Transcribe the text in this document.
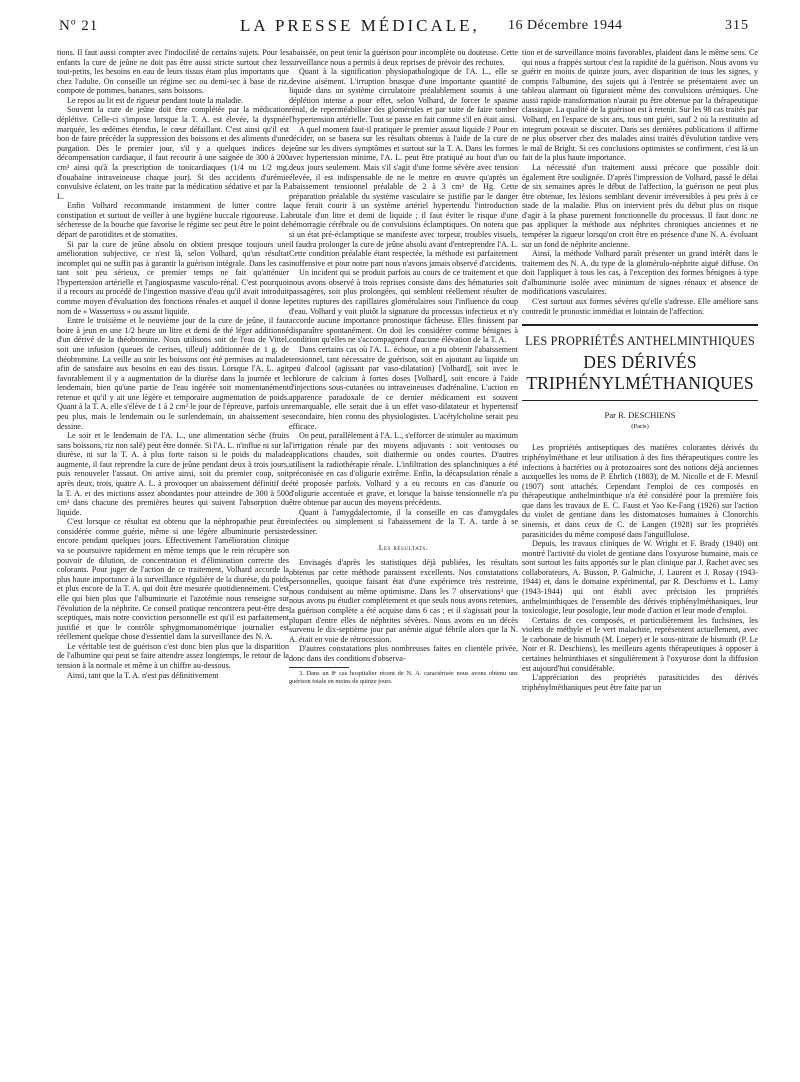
Nº 21	LA PRESSE MÉDICALE, 16 Décembre 1944	315

tions. Il faut aussi compter avec l'indocilité de certains sujets. Pour les enfants la cure de jeûne ne doit pas être aussi stricte surtout chez les tout-petits, les besoins en eau de leurs tissus étant plus importants que chez l'adulte. On conseille un régime sec ou demi-sec à base de riz, compote de pommes, bananes, sans boissons.

Le repos au lit est de rigueur pendant toute la maladie.

Souvent la cure de jeûne doit être complétée par la médication déplétive. Celle-ci s'impose lorsque la T. A. est élevée, la dyspnée marquée, les œdèmes étendus, le cœur défaillant. C'est ainsi qu'il est bon de faire précéder la suppression des boissons et des aliments d'une purgation. Dès le premier jour, s'il y a quelques indices de décompensation cardiaque, il faut recourir à une saignée de 300 à 200 cm³ ainsi qu'à la prescription de tonicardiaques (1/4 ou 1/2 mg. d'ouabaïne intraveineuse chaque jour). Si des accidents d'urémie convulsive éclatent, on les traite par la médication sédative et par la P. L.

Enfin Volhard recommande instamment de lutter contre la constipation et surtout de veiller à une hygiène buccale rigoureuse. La sécheresse de la bouche que favorise le régime sec peut être le point de départ de parotidites et de stomatites.

Si par la cure de jeûne absolu on obtient presque toujours une amélioration subjective, ce n'est là, selon Volhard, qu'un résultat incomplet qui ne suffit pas à garantir la guérison intégrale. Dans les cas tant soit peu sérieux, ce premier temps ne fait qu'atténuer l'hypertension artérielle et l'angiospasme vasculo-rénal. C'est pourquoi il a recours au procédé de l'ingestion massive d'eau qu'il avait introduit comme moyen d'évaluation des fonctions rénales et auquel il donne le nom de « Wassertoss » ou assaut liquide.

Entre le troisième et le neuvième jour de la cure de jeûne, il faut boire à jeun en une 1/2 heure un litre et demi de thé léger additionné d'un dérivé de la théobromine. Nous utilisons soit de l'eau de Vittel, soit une infusion (queues de cerises, tilleul) additionnée de 1 g. de théobromine. La veille au soir les boissons ont été permises au malade afin de satisfaire aux besoins en eau des tissus. Lorsque l'A. L. agit favorablement il y a augmentation de la diurèse dans la journée et le lendemain, bien qu'une partie de l'eau ingérée soit momentanément retenue et qu'il y ait une légère et temporaire augmentation de poids. Quant à la T. A. elle s'élève de 1 à 2 cm² le jour de l'épreuve, parfois un peu plus, mais le lendemain ou le surlendemain, un abaissement se dessine.

Le soir et le lendemain de l'A. L., une alimentation sèche (fruits sans boissons, riz non salé) peut être donnée. Si l'A. L. n'influe ni sur la diurèse, ni sur la T. A. à plus forte raison si le poids du malade augmente, il faut reprendre la cure de jeûne pendant deux à trois jours, puis renouveler l'assaut. On arrive ainsi, soit du premier coup, soit après deux, trois, quatre A. L. à provoquer un abaissement définitif de la T. A. et des mictions assez abondantes pour atteindre de 300 à 500 cm³ dans chacune des premières heures qui suivent l'absorption du liquide.

C'est lorsque ce résultat est obtenu que la néphropathie peut être considérée comme guérie, même si une légère albuminurie persiste encore pendant quelques jours. Effectivement l'amélioration clinique va se poursuivre rapidement en même temps que le rein récupère son pouvoir de dilution, de concentration et d'élimination correcte des colorants. Pour juger de l'action de ce traitement, Volhard accorde la plus haute importance à la surveillance régulière de la diurèse, du poids et plus encore de la T. A. qui doit être mesurée quotidiennement. C'est elle qui bien plus que l'albuminurie et l'azotémie nous renseigne sur l'évolution de la néphrite. Ce conseil pratique rencontrera peut-être des sceptiques, mais notre conviction personnelle est qu'il est parfaitement justifié et que le contrôle sphygmomanométrique journalier est réellement quelque chose d'essentiel dans la surveillance des N. A.

Le véritable test de guérison c'est donc bien plus que la disparition de l'albumine qui peut se faire attendre assez longtemps, le retour de la tension à la normale et même à un chiffre au-dessous.

Ainsi, tant que la T. A. n'est pas définitivement

abaissée, on peut tenir la guérison pour incomplète ou douteuse. Cette surveillance nous a permis à deux reprises de prévoir des rechutes.

Quant à la signification physiopathologique de l'A. L., elle se devine aisément. L'irruption brusque d'une importante quantité de liquide dans un système circulatoire préalablement soumis à une déplétion intense a pour effet, selon Volhard, de forcer le spasme rénal, de reperméabiliser des glomérules et par suite de faire tomber l'hypertension artérielle. Tout se passe en fait comme s'il en était ainsi.

A quel moment faut-il pratiquer le premier assaut liquide ? Pour en décider, on se basera sur les résultats obtenus à l'aide de la cure de jeûne sur les divers symptômes et surtout sur la T. A. Dans les formes avec hypertension minime, l'A. L. peut être pratiqué au bout d'un ou deux jours seulement. Mais s'il s'agit d'une forme sévère avec tension élevée, il est indispensable de ne le mettre en œuvre qu'après un abaissement tensionnel préalable de 2 à 3 cm³ de Hg. Cette préparation préalable du système vasculaire se justifie par le danger que ferait courir à un système artériel hypertendu l'introduction brutale d'un litre et demi de liquide ; il faut éviter le risque d'une hémorragie cérébrale ou de convulsions éclamptiques. On notera que si un état pré-éclamptique se manifeste avec torpeur, troubles visuels, il faudra prolonger la cure de jeûne absolu avant d'entreprendre l'A. L. Cette condition préalable étant respectée, la méthode est parfaitement inoffensive et pour notre part nous n'avons jamais observé d'accidents.

Un incident qui se produit parfois au cours de ce traitement et que nous avons observé à trois reprises consiste dans des hématuries soit passagères, soit plus prolongées, qui semblent réellement résulter de petites ruptures des capillaires glomérulaires sous l'influence du coup d'eau. Volhard y voit plutôt la signature du processus infectieux et n'y accorde aucune importance pronostique fâcheuse. Elles finissent par disparaître spontanément. On doit les considérer comme bénignes à condition qu'elles ne s'accompagnent d'aucune élévation de la T. A.

Dans certains cas où l'A. L. échoue, on a pu obtenir l'abaissement tensionnel, tant nécessaire de guérison, soit en ajoutant au liquide un peu d'alcool (agissant par vaso-dilatation) [Volhard], soit avec le chlorure de calcium à fortes doses [Volhard], soit encore à l'aide d'injections sous-cutanées ou intraveineuses d'adrénaline. L'action en apparence paradoxale de ce dernier médicament est souvent remarquable, elle serait due à un effet vaso-dilatateur et hypertensif secondaire, bien connu des physiologistes. L'acétylcholine serait peu efficace.

On peut, parallèlement à l'A. L., s'efforcer de stimuler au maximum l'irrigation rénale par des moyens adjuvants : soit ventouses ou applications chaudes, soit diathermie ou ondes courtes. D'autres utilisent la radiothérapie rénale. L'infiltration des splanchniques a été préconisée en cas d'oligurie extrême. Enfin, la décapsulation rénale a été proposée parfois. Volhard y a eu recours en cas d'anurie ou d'oligurie accentuée et grave, et lorsque la baisse tensionnelle n'a pu être obtenue par aucun des moyens précédents.

Quant à l'amygdalectomie, il la conseille en cas d'amygdales infectées ou simplement si l'abaissement de la T. A. tarde à se dessiner.

Les résultats.

Envisagés d'après les statistiques déjà publiées, les résultats obtenus par cette méthode paraissent excellents. Nos constatations personnelles, quoique faisant état d'une expérience très restreinte, nous conduisent au même optimisme. Dans les 7 observations³ que nous avons pu étudier complètement et que seuls nous avons retenues, la guérison complète a été acquise dans 6 cas ; et il s'agissait pour la plupart d'entre elles de néphrites sévères. Nous avons eu un décès survenu le dix-septième jour par anémie aiguë fébrile alors que la N. A. était en voie de rétrocession.

D'autres constatations plus nombreuses faites en clientèle privée, donc dans des conditions d'observa-

3. Dans un 8ᵉ cas hospitalier récent de N. A. caractérisée nous avons obtenu une guérison totale en moins de quinze jours.

tion et de surveillance moins favorables, plaident dans le même sens. Ce qui nous a frappés surtout c'est la rapidité de la guérison. Nous avons vu guérir en moins de quinze jours, avec disparition de tous les signes, y compris l'albumine, des sujets qui à l'entrée se présentaient avec un tableau alarmant où figuraient même des convulsions urémiques. Une aussi rapide transformation n'aurait pu être obtenue par la thérapeutique classique. La qualité de la guérison est à retenir. Sur les 98 cas traités par Volhard, en l'espace de six ans, tous ont guéri, sauf 2 où la restitutio ad integrum pouvait se discuter. Dans ses dernières publications il affirme ne plus observer chez des malades ainsi traités d'évolution tardive vers le mal de Bright. Si ces conclusions optimistes se confirment, c'est là un fait de la plus haute importance.

La nécessité d'un traitement aussi précoce que possible doit également être soulignée. D'après l'impression de Volhard, passé le délai de six semaines après le début de l'affection, la guérison ne peut plus être obtenue, les lésions semblant devenir irréversibles à peu près à ce stade de la maladie. Plus on intervient près du début plus on risque d'agir à la phase purement fonctionnelle du processus. Il faut donc ne pas appliquer la méthode aux néphrites chroniques anciennes et ne tempérer la rigueur lorsqu'on croit être en présence d'une N. A. évoluant sur un fond de néphrite ancienne.

Ainsi, la méthode Volhard paraît présenter un grand intérêt dans le traitement des N. A. du type de la glomérulo-néphrite aiguë diffuse. On doit l'appliquer à tous les cas, à l'exception des formes bénignes à type d'albuminurie isolée avec minimum de signes rénaux et absence de modifications vasculaires.

C'est surtout aux formes sévères qu'elle s'adresse. Elle améliore sans contredit le pronostic immédiat et lointain de l'affection.

LES PROPRIÉTÉS ANTHELMINTHIQUES
DES DÉRIVÉS
TRIPHÉNYLMÉTHANIQUES
Par R. DESCHIENS
(Paris)

Les propriétés antiseptiques des matières colorantes dérivés du triphénylméthane et leur utilisation à des fins thérapeutiques contre les infections à bactéries ou à protozoaires sont des notions déjà anciennes auxquelles les noms de P. Ehrlich (1883), de M. Nicolle et de F. Mesnil (1907) sont attachés. Cependant l'emploi de ces composés en thérapeutique anthelminthique n'a été considéré pour la première fois que dans les travaux de E. C. Faust et Yao Ke-Fang (1926) sur l'action du violet de gentiane dans les distomatoses humaines à Clonorchis sinensis, et dans ceux de C. de Langen (1928) sur les propriétés parasiticides du même composé dans l'anguillulose.

Depuis, les travaux cliniques de W. Wright et F. Brady (1940) ont montré l'activité du violet de gentiane dans l'oxyurose humaine, mais ce sont surtout les faits apportés sur le plan clinique par J. Rachet avec ses collaborateurs, A. Busson, P. Galmiche, J. Laurent et J. Rosay (1943-1944) et, dans le domaine expérimental, par R. Deschiens et L. Lamy (1943-1944) qui ont établi avec précision les propriétés anthelminthiques de l'ensemble des dérivés triphénylméthaniques, leur toxicologie, leur posologie, leur mode d'action et leur mode d'emploi.

Certains de ces composés, et particulièrement les fuchsines, les violets de méthyle et le vert malachite, représentent actuellement, avec le carbonate de bismuth (M. Loeper) et le sous-nitrate de bismuth (P. Le Noir et R. Deschiens), les meilleurs agents thérapeutiques à opposer à certaines helminthiases et singulièrement à l'oxyurose dont la diffusion est aujourd'hui considérable.

L'appréciation des propriétés parasiticides des dérivés triphénylméthaniques peut être faite par un
